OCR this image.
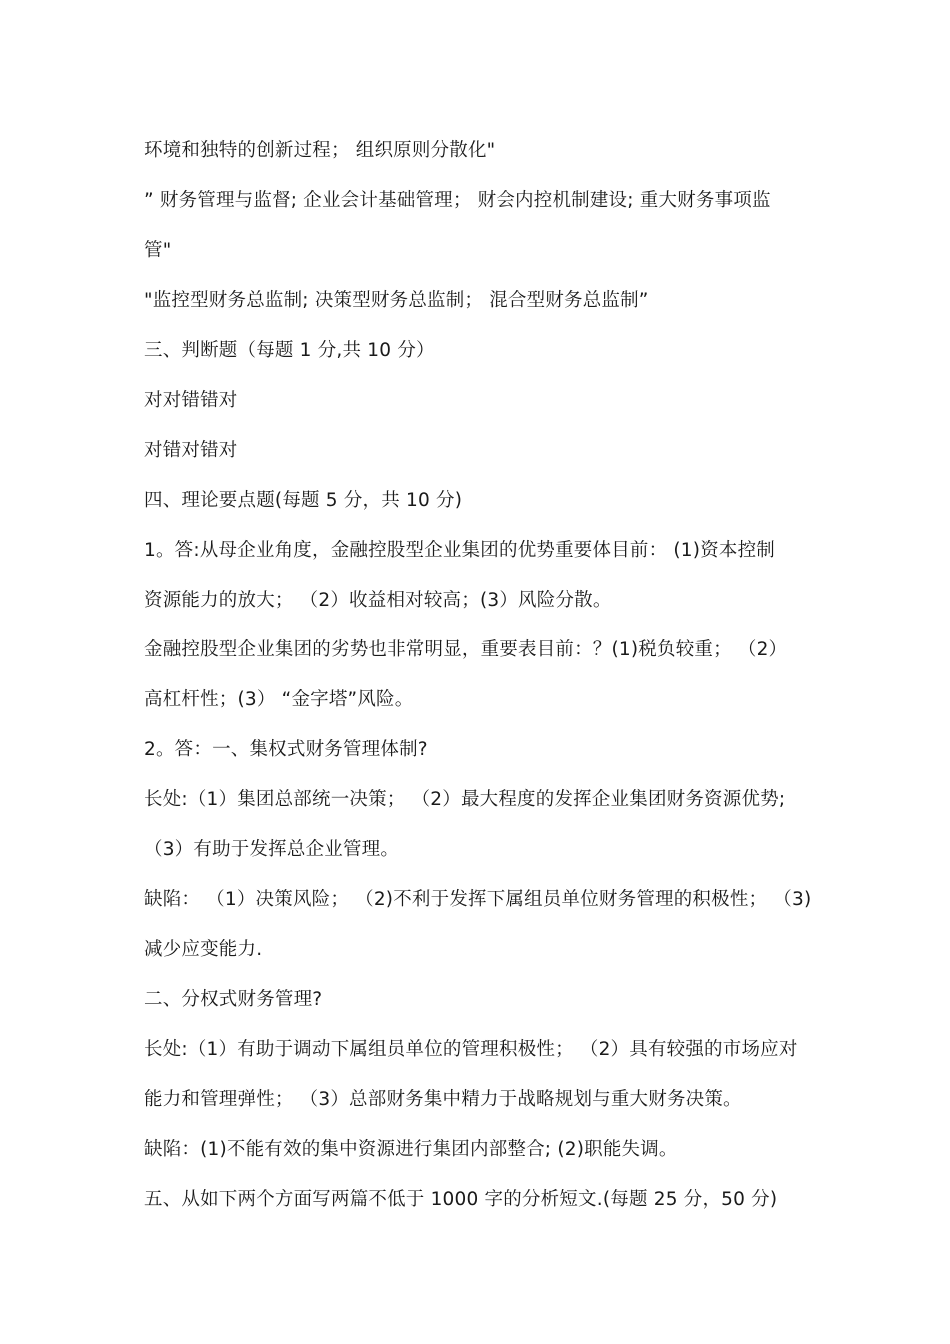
环境和独特的创新过程； 组织原则分散化"
” 财务管理与监督; 企业会计基础管理； 财会内控机制建设; 重大财务事项监
管"
"监控型财务总监制; 决策型财务总监制； 混合型财务总监制”
三、判断题（每题 1 分,共 10 分）
对对错错对
对错对错对
四、理论要点题(每题 5 分，共 10 分)
1。答:从母企业角度，金融控股型企业集团的优势重要体目前： (1)资本控制
资源能力的放大； （2）收益相对较高；(3）风险分散。
金融控股型企业集团的劣势也非常明显，重要表目前：？(1)税负较重； （2）
高杠杆性；(3） “金字塔”风险。
2。答：一、集权式财务管理体制?
长处:（1）集团总部统一决策； （2）最大程度的发挥企业集团财务资源优势;
（3）有助于发挥总企业管理。
缺陷： （1）决策风险； （2)不利于发挥下属组员单位财务管理的积极性； （3)
减少应变能力.
二、分权式财务管理?
长处:（1）有助于调动下属组员单位的管理积极性； （2）具有较强的市场应对
能力和管理弹性； （3）总部财务集中精力于战略规划与重大财务决策。
缺陷：(1)不能有效的集中资源进行集团内部整合; (2)职能失调。
五、从如下两个方面写两篇不低于 1000 字的分析短文.(每题 25 分，50 分)
